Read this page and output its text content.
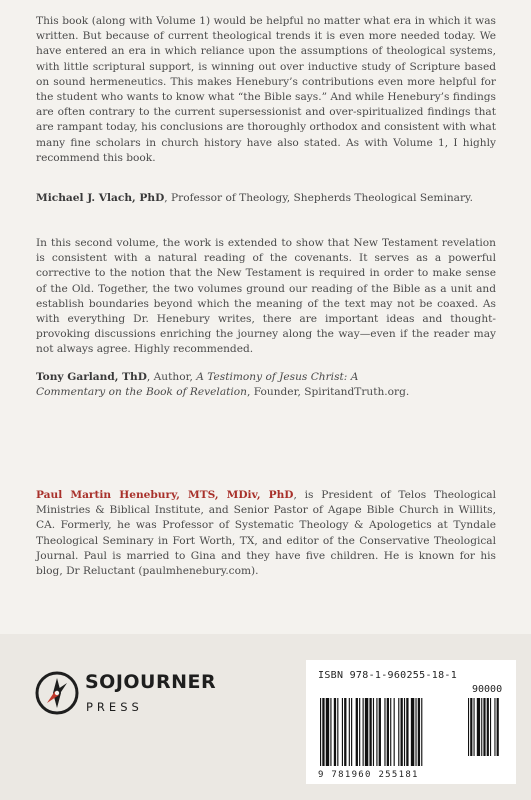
This book (along with Volume 1) would be helpful no matter what era in which it was written. But because of current theological trends it is even more needed today. We have entered an era in which reliance upon the assumptions of theological systems, with little scriptural support, is winning out over inductive study of Scripture based on sound hermeneutics. This makes Henebury’s contributions even more helpful for the student who wants to know what “the Bible says.” And while Henebury’s findings are often contrary to the current supersessionist and over-spiritualized findings that are rampant today, his conclusions are thoroughly orthodox and consistent with what many fine scholars in church history have also stated. As with Volume 1, I highly recommend this book.

Michael J. Vlach, PhD, Professor of Theology, Shepherds Theological Seminary.

In this second volume, the work is extended to show that New Testament revelation is consistent with a natural reading of the covenants. It serves as a powerful corrective to the notion that the New Testament is required in order to make sense of the Old. Together, the two volumes ground our reading of the Bible as a unit and establish boundaries beyond which the meaning of the text may not be coaxed. As with everything Dr. Henebury writes, there are important ideas and thought-provoking discussions enriching the journey along the way—even if the reader may not always agree. Highly recommended.

Tony Garland, ThD, Author, A Testimony of Jesus Christ: A Commentary on the Book of Revelation, Founder, SpiritandTruth.org.

Paul Martin Henebury, MTS, MDiv, PhD, is President of Telos Theological Ministries & Biblical Institute, and Senior Pastor of Agape Bible Church in Willits, CA. Formerly, he was Professor of Systematic Theology & Apologetics at Tyndale Theological Seminary in Fort Worth, TX, and editor of the Conservative Theological Journal. Paul is married to Gina and they have five children. He is known for his blog, Dr Reluctant (paulmhenebury.com).

SOJOURNER
PRESS
ISBN 978-1-960255-18-1
90000
9 781960 255181
